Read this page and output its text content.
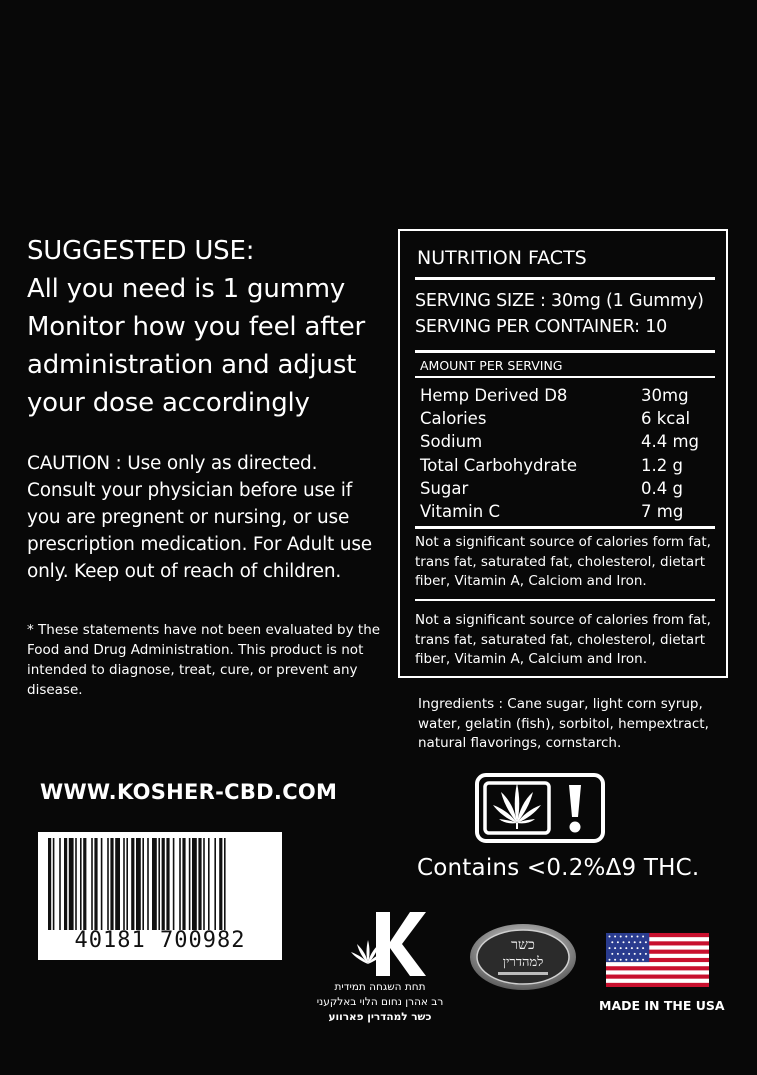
SUGGESTED USE:
All you need is 1 gummy
Monitor how you feel after
administration and adjust
your dose accordingly
CAUTION : Use only as directed.
Consult your physician before use if
you are pregnent or nursing, or use
prescription medication. For Adult use
only. Keep out of reach of children.
* These statements have not been evaluated by the
Food and Drug Administration. This product is not
intended to diagnose, treat, cure, or prevent any
disease.
WWW.KOSHER-CBD.COM
40181 700982
NUTRITION FACTS
SERVING SIZE : 30mg (1 Gummy)
SERVING PER CONTAINER: 10
AMOUNT PER SERVING
Hemp Derived D8	30mg
Calories	6 kcal
Sodium	4.4 mg
Total Carbohydrate	1.2 g
Sugar	0.4 g
Vitamin C	7 mg
Not a significant source of calories form fat,
trans fat, saturated fat, cholesterol, dietart
fiber, Vitamin A, Calciom and Iron.
Not a significant source of calories from fat,
trans fat, saturated fat, cholesterol, dietart
fiber, Vitamin A, Calcium and Iron.
Ingredients : Cane sugar, light corn syrup,
water, gelatin (fish), sorbitol, hempextract,
natural flavorings, cornstarch.
Contains <0.2%Δ9 THC.
תחת השגחה תמידית
רב אהרן נחום הלוי באלקעני
כשר למהדרין פארווע
כשר
למהדרין
MADE IN THE USA
